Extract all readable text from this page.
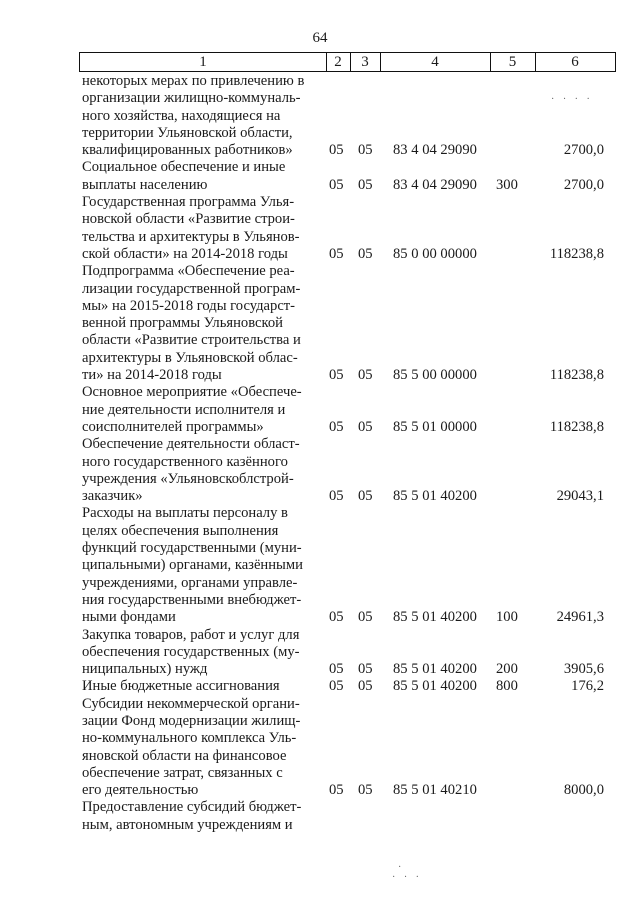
64
1	2	3	4	5	6
· · · ·
·
· · ·
некоторых мерах по привлечению в
организации жилищно-коммуналь-
ного хозяйства, находящиеся на
территории Ульяновской области,
квалифицированных работников»	05 05 83 4 04 29090	2700,0
Социальное обеспечение и иные
выплаты населению	05 05 83 4 04 29090 300	2700,0
Государственная программа Улья-
новской области «Развитие строи-
тельства и архитектуры в Ульянов-
ской области» на 2014-2018 годы	05 05 85 0 00 00000	118238,8
Подпрограмма «Обеспечение реа-
лизации государственной програм-
мы» на 2015-2018 годы государст-
венной программы Ульяновской
области «Развитие строительства и
архитектуры в Ульяновской облас-
ти» на 2014-2018 годы	05 05 85 5 00 00000	118238,8
Основное мероприятие «Обеспече-
ние деятельности исполнителя и
соисполнителей программы»	05 05 85 5 01 00000	118238,8
Обеспечение деятельности област-
ного государственного казённого
учреждения «Ульяновскоблстрой-
заказчик»	05 05 85 5 01 40200	29043,1
Расходы на выплаты персоналу в
целях обеспечения выполнения
функций государственными (муни-
ципальными) органами, казёнными
учреждениями, органами управле-
ния государственными внебюджет-
ными фондами	05 05 85 5 01 40200 100	24961,3
Закупка товаров, работ и услуг для
обеспечения государственных (му-
ниципальных) нужд	05 05 85 5 01 40200 200	3905,6
Иные бюджетные ассигнования	05 05 85 5 01 40200 800	176,2
Субсидии некоммерческой органи-
зации Фонд модернизации жилищ-
но-коммунального комплекса Уль-
яновской области на финансовое
обеспечение затрат, связанных с
его деятельностью	05 05 85 5 01 40210	8000,0
Предоставление субсидий бюджет-
ным, автономным учреждениям и
